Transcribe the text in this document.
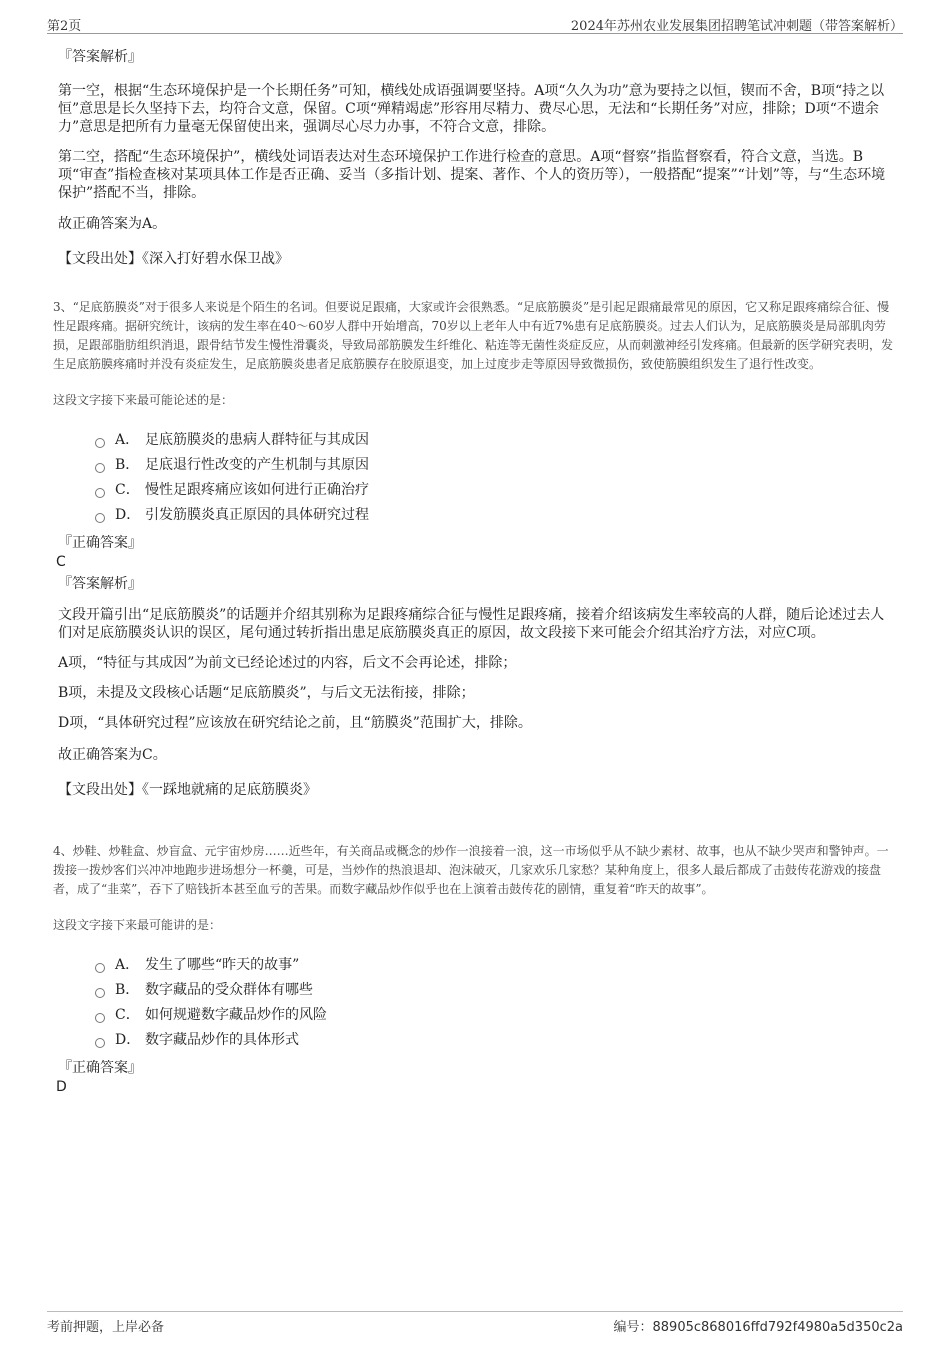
第2页	2024年苏州农业发展集团招聘笔试冲刺题（带答案解析）

『答案解析』

第一空，根据“生态环境保护是一个长期任务”可知，横线处成语强调要坚持。A项“久久为功”意为要持之以恒，锲而不舍，B项“持之以恒”意思是长久坚持下去，均符合文意，保留。C项“殚精竭虑”形容用尽精力、费尽心思，无法和“长期任务”对应，排除；D项“不遗余力”意思是把所有力量毫无保留使出来，强调尽心尽力办事，不符合文意，排除。

第二空，搭配“生态环境保护”，横线处词语表达对生态环境保护工作进行检查的意思。A项“督察”指监督察看，符合文意，当选。B项“审查”指检查核对某项具体工作是否正确、妥当（多指计划、提案、著作、个人的资历等），一般搭配“提案”“计划”等，与“生态环境保护”搭配不当，排除。

故正确答案为A。

【文段出处】《深入打好碧水保卫战》

3、“足底筋膜炎”对于很多人来说是个陌生的名词。但要说足跟痛，大家或许会很熟悉。“足底筋膜炎”是引起足跟痛最常见的原因，它又称足跟疼痛综合征、慢性足跟疼痛。据研究统计，该病的发生率在40～60岁人群中开始增高，70岁以上老年人中有近7%患有足底筋膜炎。过去人们认为，足底筋膜炎是局部肌肉劳损，足跟部脂肪组织消退，跟骨结节发生慢性滑囊炎，导致局部筋膜发生纤维化、粘连等无菌性炎症反应，从而刺激神经引发疼痛。但最新的医学研究表明，发生足底筋膜疼痛时并没有炎症发生，足底筋膜炎患者足底筋膜存在胶原退变，加上过度步走等原因导致微损伤，致使筋膜组织发生了退行性改变。

这段文字接下来最可能论述的是：

A． 足底筋膜炎的患病人群特征与其成因
B． 足底退行性改变的产生机制与其原因
C． 慢性足跟疼痛应该如何进行正确治疗
D． 引发筋膜炎真正原因的具体研究过程

『正确答案』

C

『答案解析』

文段开篇引出“足底筋膜炎”的话题并介绍其别称为足跟疼痛综合征与慢性足跟疼痛，接着介绍该病发生率较高的人群，随后论述过去人们对足底筋膜炎认识的误区，尾句通过转折指出患足底筋膜炎真正的原因，故文段接下来可能会介绍其治疗方法，对应C项。

A项，“特征与其成因”为前文已经论述过的内容，后文不会再论述，排除；

B项，未提及文段核心话题“足底筋膜炎”，与后文无法衔接，排除；

D项，“具体研究过程”应该放在研究结论之前，且“筋膜炎”范围扩大，排除。

故正确答案为C。

【文段出处】《一踩地就痛的足底筋膜炎》

4、炒鞋、炒鞋盒、炒盲盒、元宇宙炒房……近些年，有关商品或概念的炒作一浪接着一浪，这一市场似乎从不缺少素材、故事，也从不缺少哭声和警钟声。一拨接一拨炒客们兴冲冲地跑步进场想分一杯羹，可是，当炒作的热浪退却、泡沫破灭，几家欢乐几家愁？某种角度上，很多人最后都成了击鼓传花游戏的接盘者，成了“韭菜”，吞下了赔钱折本甚至血亏的苦果。而数字藏品炒作似乎也在上演着击鼓传花的剧情，重复着“昨天的故事”。

这段文字接下来最可能讲的是：

A． 发生了哪些“昨天的故事”
B． 数字藏品的受众群体有哪些
C． 如何规避数字藏品炒作的风险
D． 数字藏品炒作的具体形式

『正确答案』

D

考前押题，上岸必备	编号：88905c868016ffd792f4980a5d350c2a
